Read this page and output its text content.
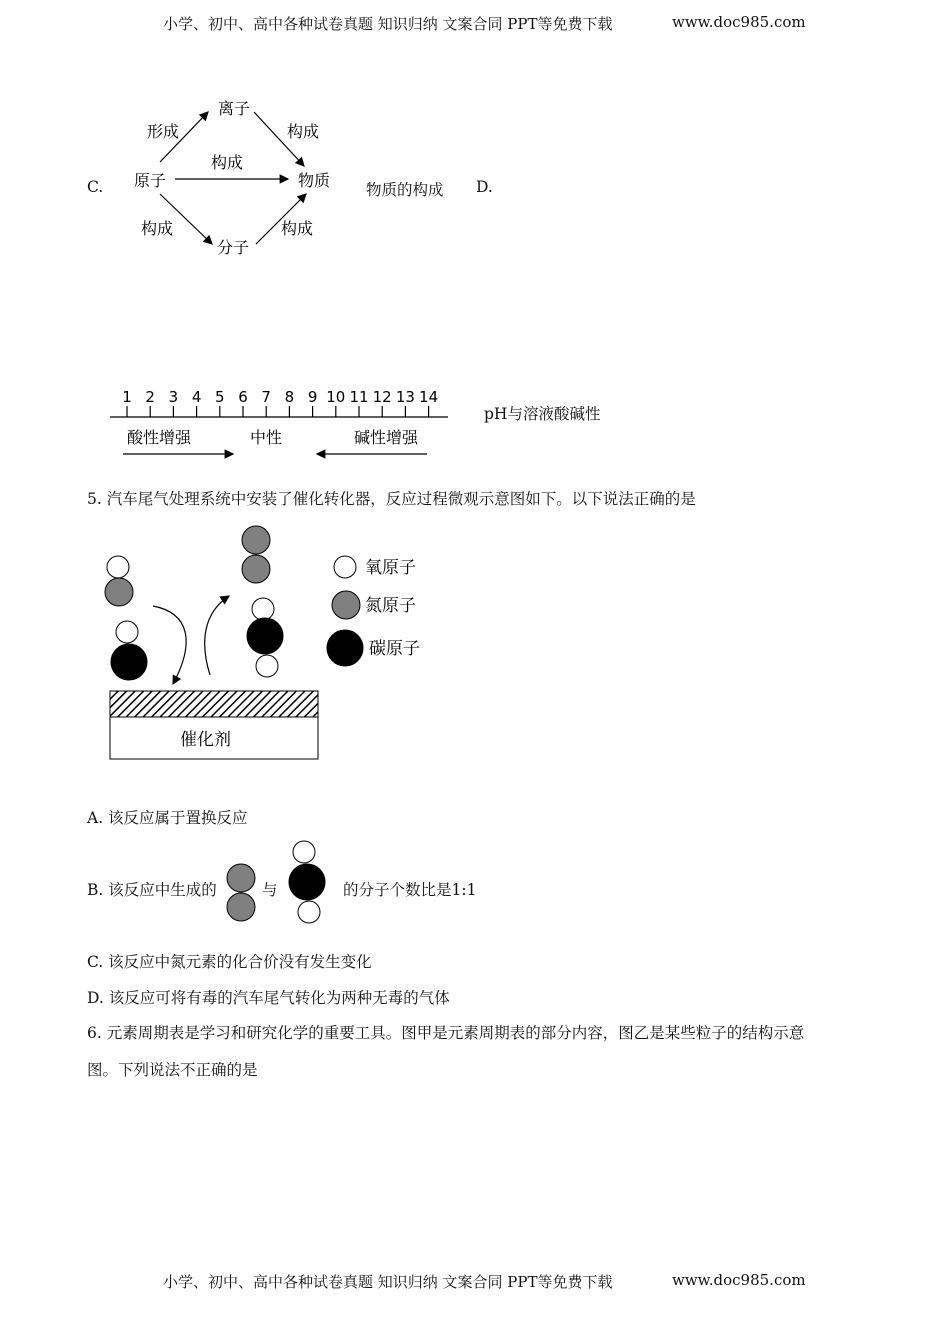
小学、初中、高中各种试卷真题 知识归纳 文案合同 PPT等免费下载	www.doc985.com
C.
离子
原子	物质
分子
形成	构成
构成
构成	构成
物质的构成 D.
1 2 3 4 5 6 7 8 9 10 11 12 13 14
酸性增强	中性	碱性增强
pH与溶液酸碱性
5. 汽车尾气处理系统中安装了催化转化器，反应过程微观示意图如下。以下说法正确的是
催化剂
氧原子
氮原子
碳原子
A. 该反应属于置换反应
B. 该反应中生成的	与	的分子个数比是1:1
C. 该反应中氮元素的化合价没有发生变化
D. 该反应可将有毒的汽车尾气转化为两种无毒的气体
6. 元素周期表是学习和研究化学的重要工具。图甲是元素周期表的部分内容，图乙是某些粒子的结构示意
图。下列说法不正确的是
小学、初中、高中各种试卷真题 知识归纳 文案合同 PPT等免费下载	www.doc985.com
